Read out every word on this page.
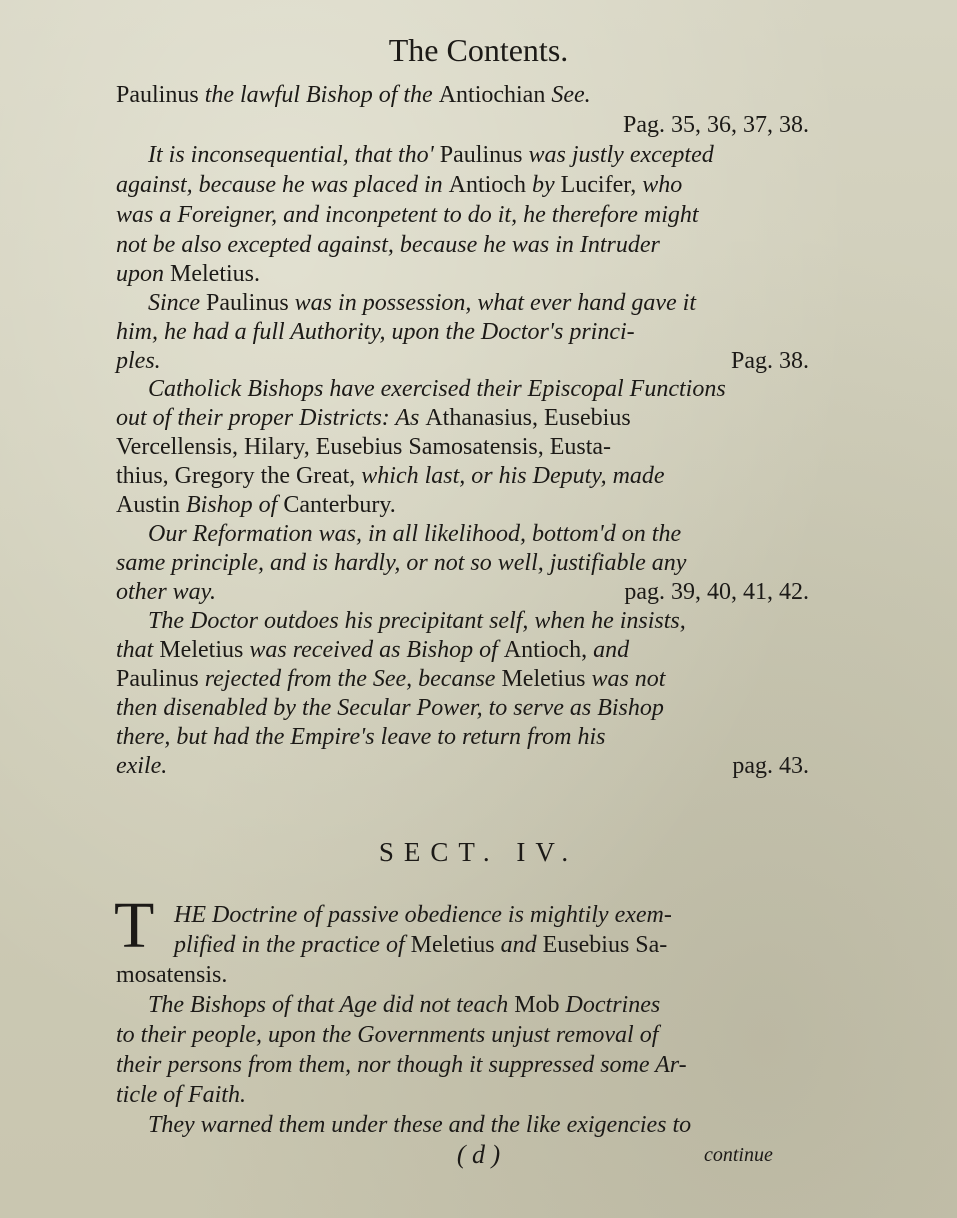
The Contents.
Paulinus the lawful Bishop of the Antiochian See.
Pag. 35, 36, 37, 38.
It is inconsequential, that tho' Paulinus was justly excepted
against, because he was placed in Antioch by Lucifer, who
was a Foreigner, and inconpetent to do it, he therefore might
not be also excepted against, because he was in Intruder
upon Meletius.
Since Paulinus was in possession, what ever hand gave it
him, he had a full Authority, upon the Doctor's princi-
ples.	Pag. 38.
Catholick Bishops have exercised their Episcopal Functions
out of their proper Districts: As Athanasius, Eusebius
Vercellensis, Hilary, Eusebius Samosatensis, Eusta-
thius, Gregory the Great, which last, or his Deputy, made
Austin Bishop of Canterbury.
Our Reformation was, in all likelihood, bottom'd on the
same principle, and is hardly, or not so well, justifiable any
other way.	pag. 39, 40, 41, 42.
The Doctor outdoes his precipitant self, when he insists,
that Meletius was received as Bishop of Antioch, and
Paulinus rejected from the See, becanse Meletius was not
then disenabled by the Secular Power, to serve as Bishop
there, but had the Empire's leave to return from his
exile.	pag. 43.
SECT. IV.
T HE Doctrine of passive obedience is mightily exem-
plified in the practice of Meletius and Eusebius Sa-
mosatensis.
The Bishops of that Age did not teach Mob Doctrines
to their people, upon the Governments unjust removal of
their persons from them, nor though it suppressed some Ar-
ticle of Faith.
They warned them under these and the like exigencies to
( d )	continue
